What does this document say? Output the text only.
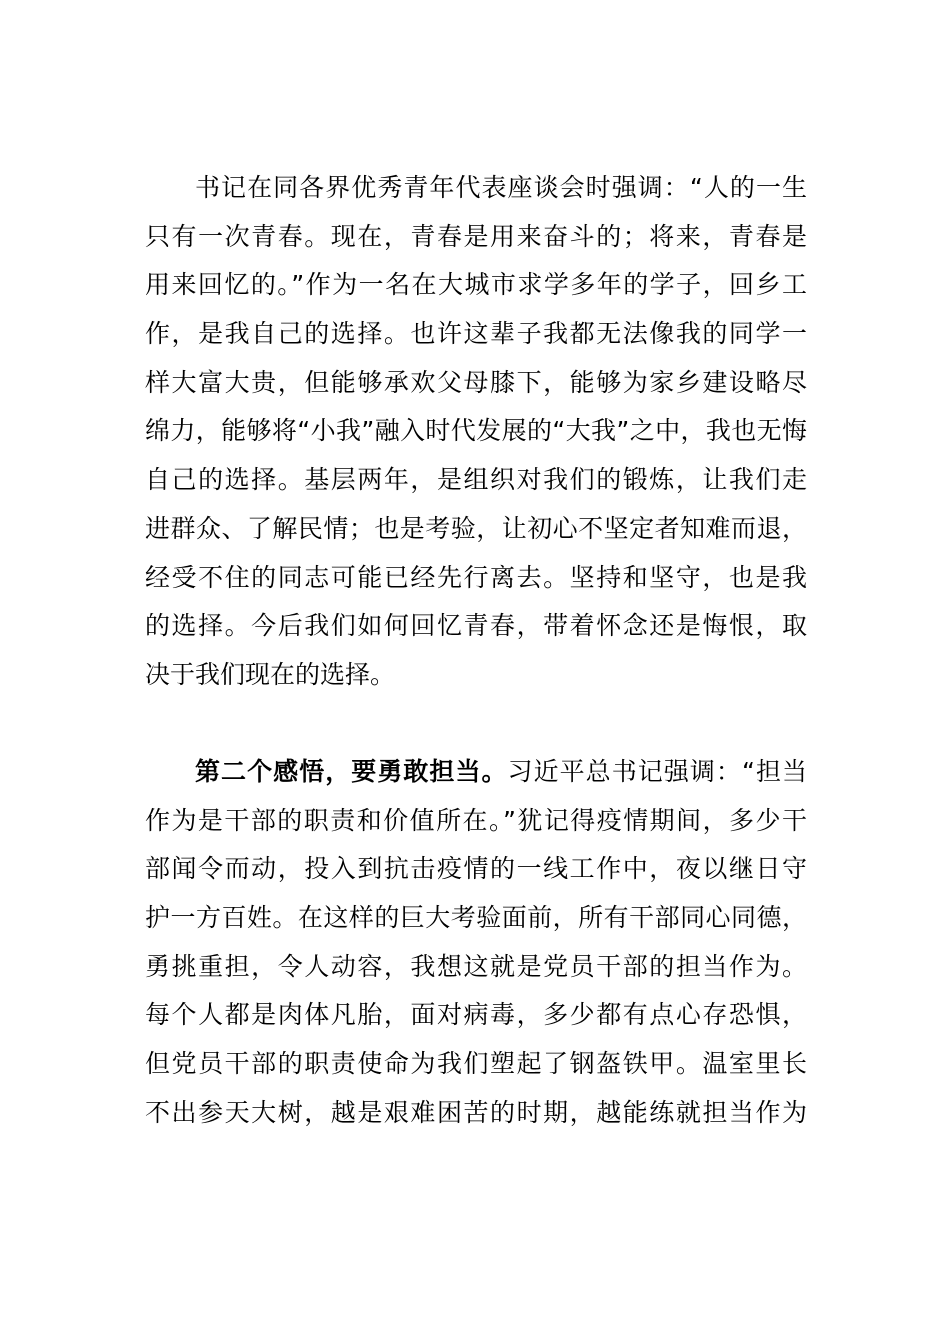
书记在同各界优秀青年代表座谈会时强调：“人的一生
只有一次青春。现在，青春是用来奋斗的；将来，青春是
用来回忆的。”作为一名在大城市求学多年的学子，回乡工
作，是我自己的选择。也许这辈子我都无法像我的同学一
样大富大贵，但能够承欢父母膝下，能够为家乡建设略尽
绵力，能够将“小我”融入时代发展的“大我”之中，我也无悔
自己的选择。基层两年，是组织对我们的锻炼，让我们走
进群众、了解民情；也是考验，让初心不坚定者知难而退，
经受不住的同志可能已经先行离去。坚持和坚守，也是我
的选择。今后我们如何回忆青春，带着怀念还是悔恨，取
决于我们现在的选择。
第二个感悟，要勇敢担当。习近平总书记强调：“担当
作为是干部的职责和价值所在。”犹记得疫情期间，多少干
部闻令而动，投入到抗击疫情的一线工作中，夜以继日守
护一方百姓。在这样的巨大考验面前，所有干部同心同德，
勇挑重担，令人动容，我想这就是党员干部的担当作为。
每个人都是肉体凡胎，面对病毒，多少都有点心存恐惧，
但党员干部的职责使命为我们塑起了钢盔铁甲。温室里长
不出参天大树，越是艰难困苦的时期，越能练就担当作为
